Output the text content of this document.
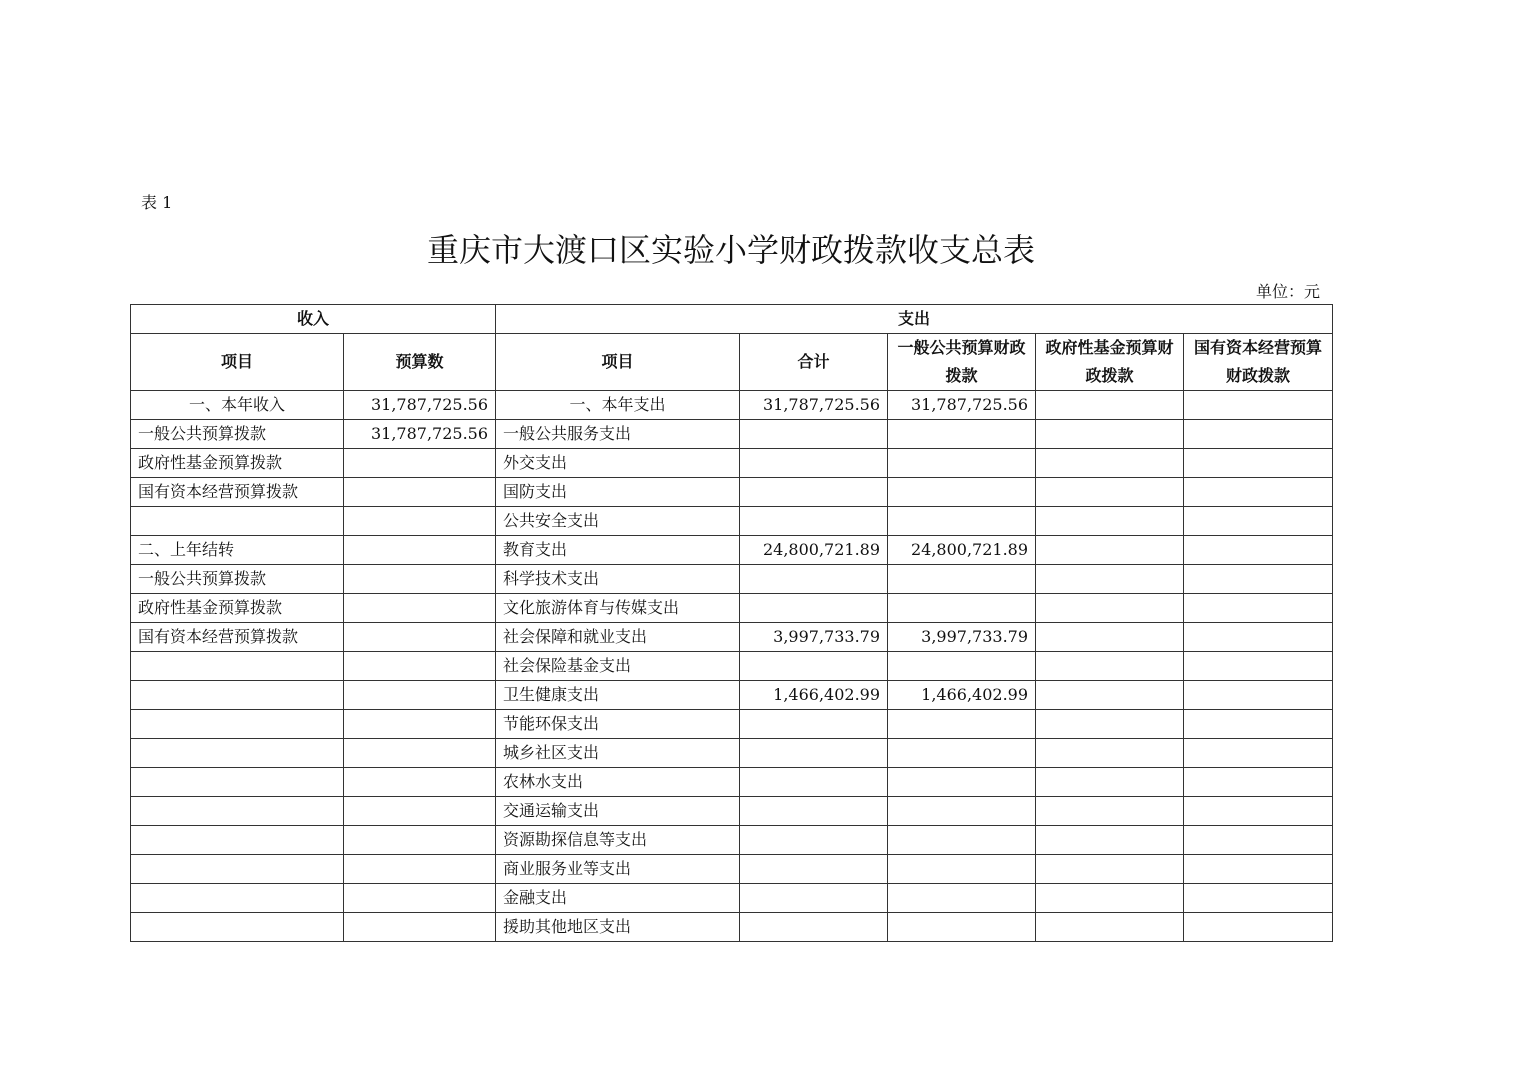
表 1
重庆市大渡口区实验小学财政拨款收支总表
单位：元
收入		支出				
项目	预算数	项目	合计	一般公共预算财政拨款	政府性基金预算财政拨款	国有资本经营预算财政拨款
一、本年收入	31,787,725.56	一、本年支出	31,787,725.56	31,787,725.56		
一般公共预算拨款	31,787,725.56	一般公共服务支出				
政府性基金预算拨款		外交支出				
国有资本经营预算拨款		国防支出				
		公共安全支出				
二、上年结转		教育支出	24,800,721.89	24,800,721.89		
一般公共预算拨款		科学技术支出				
政府性基金预算拨款		文化旅游体育与传媒支出				
国有资本经营预算拨款		社会保障和就业支出	3,997,733.79	3,997,733.79		
		社会保险基金支出				
		卫生健康支出	1,466,402.99	1,466,402.99		
		节能环保支出				
		城乡社区支出				
		农林水支出				
		交通运输支出				
		资源勘探信息等支出				
		商业服务业等支出				
		金融支出				
		援助其他地区支出				
